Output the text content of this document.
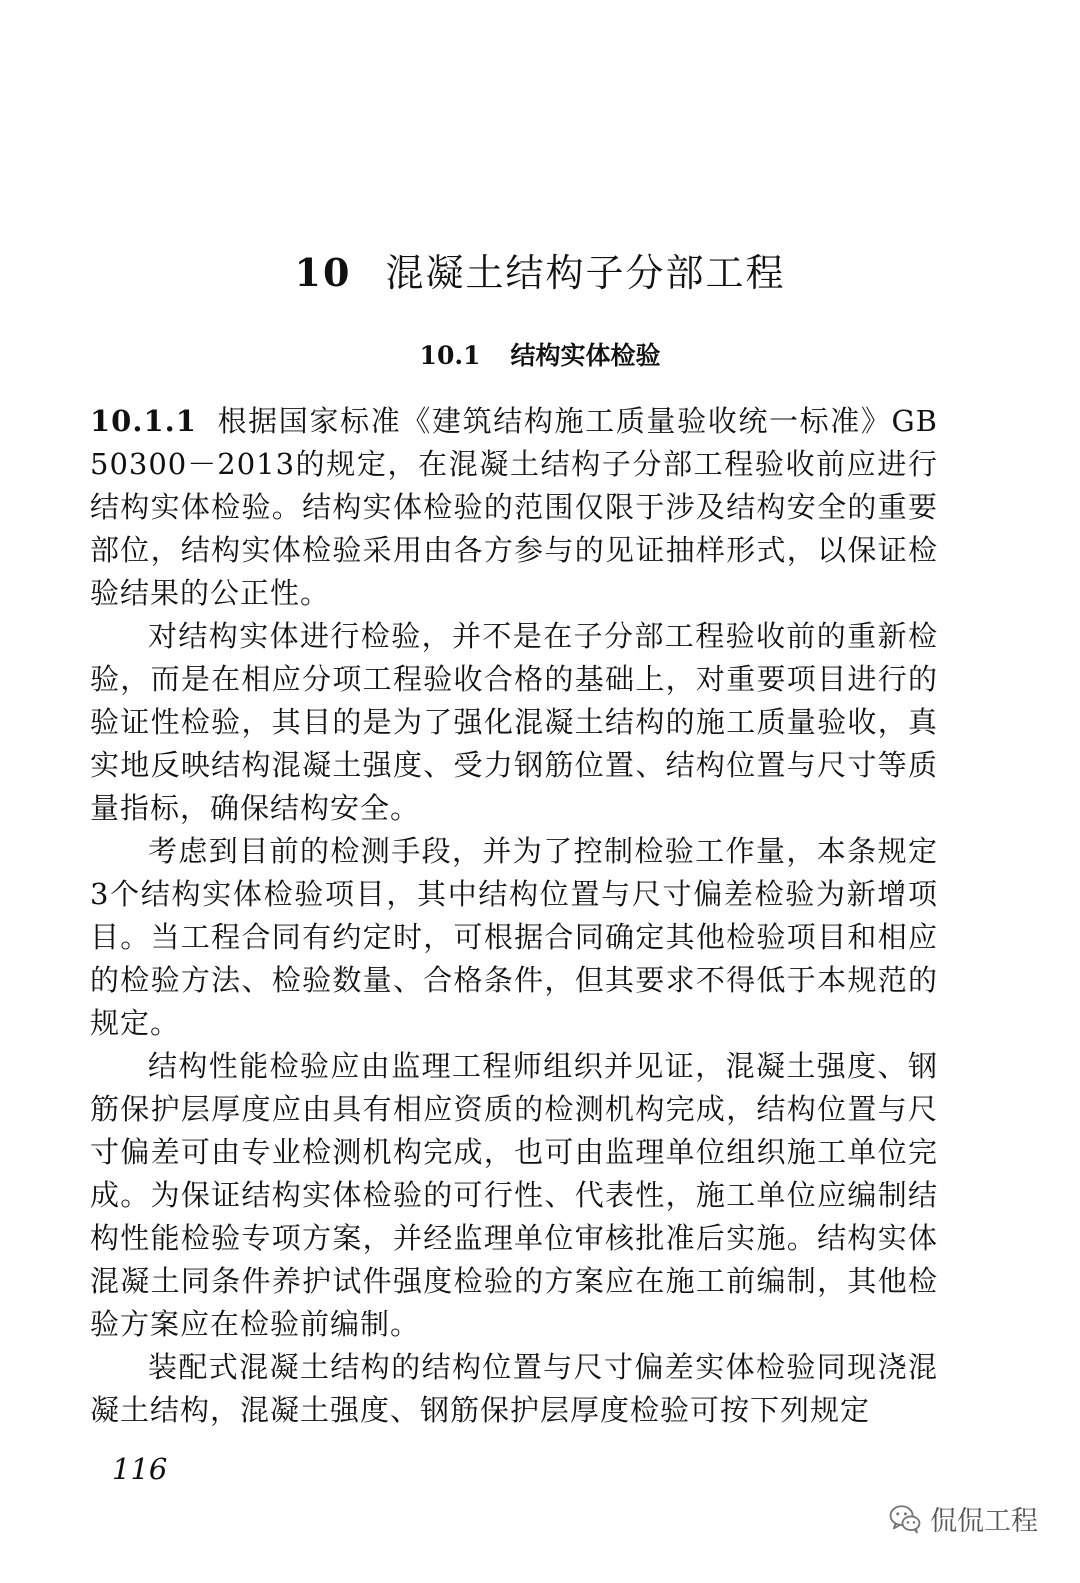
10 混凝土结构子分部工程
10.1 结构实体检验

10.1.1 根据国家标准《建筑结构施工质量验收统一标准》GB 50300－2013的规定，在混凝土结构子分部工程验收前应进行结构实体检验。结构实体检验的范围仅限于涉及结构安全的重要部位，结构实体检验采用由各方参与的见证抽样形式，以保证检验结果的公正性。

对结构实体进行检验，并不是在子分部工程验收前的重新检验，而是在相应分项工程验收合格的基础上，对重要项目进行的验证性检验，其目的是为了强化混凝土结构的施工质量验收，真实地反映结构混凝土强度、受力钢筋位置、结构位置与尺寸等质量指标，确保结构安全。

考虑到目前的检测手段，并为了控制检验工作量，本条规定3个结构实体检验项目，其中结构位置与尺寸偏差检验为新增项目。当工程合同有约定时，可根据合同确定其他检验项目和相应的检验方法、检验数量、合格条件，但其要求不得低于本规范的规定。

结构性能检验应由监理工程师组织并见证，混凝土强度、钢筋保护层厚度应由具有相应资质的检测机构完成，结构位置与尺寸偏差可由专业检测机构完成，也可由监理单位组织施工单位完成。为保证结构实体检验的可行性、代表性，施工单位应编制结构性能检验专项方案，并经监理单位审核批准后实施。结构实体混凝土同条件养护试件强度检验的方案应在施工前编制，其他检验方案应在检验前编制。

装配式混凝土结构的结构位置与尺寸偏差实体检验同现浇混凝土结构，混凝土强度、钢筋保护层厚度检验可按下列规定

116
侃侃工程
